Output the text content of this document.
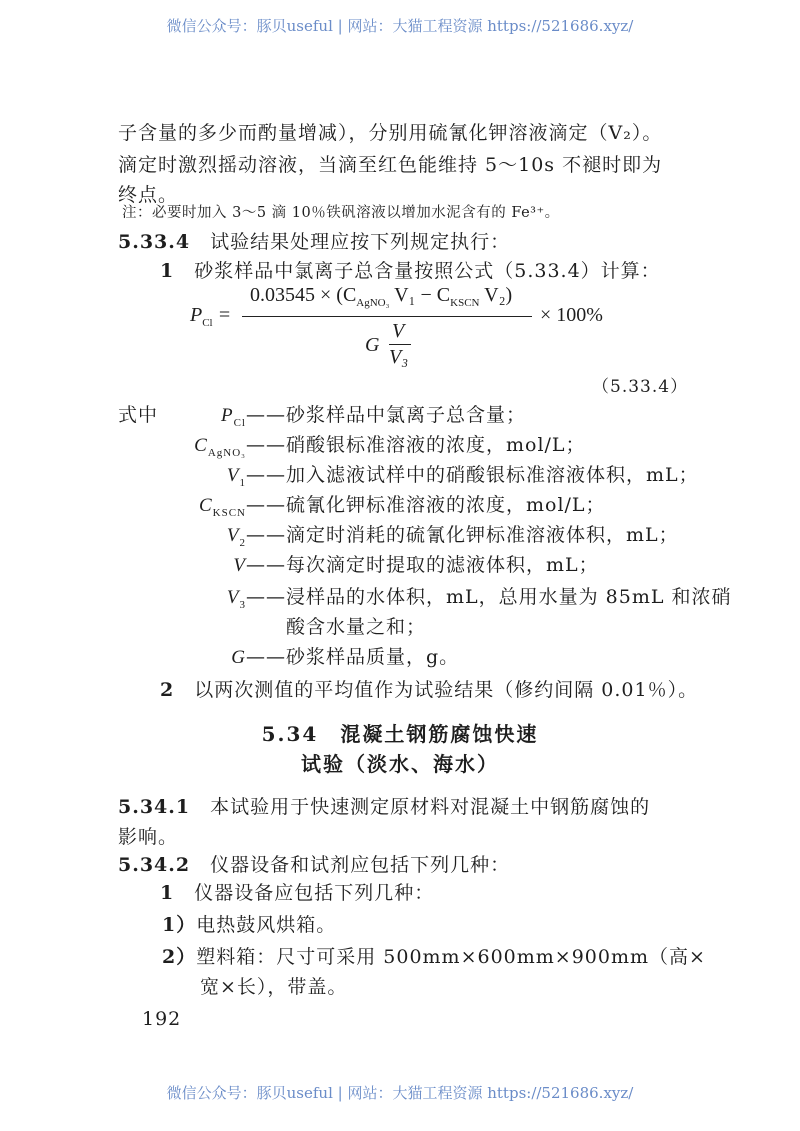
微信公众号：豚贝useful | 网站：大猫工程资源 https://521686.xyz/
子含量的多少而酌量增减），分别用硫氰化钾溶液滴定（V₂）。
滴定时激烈摇动溶液，当滴至红色能维持 5～10s 不褪时即为
终点。
注：必要时加入 3～5 滴 10％铁矾溶液以增加水泥含有的 Fe³⁺。
5.33.4　 试验结果处理应按下列规定执行：
1　 砂浆样品中氯离子总含量按照公式（5.33.4）计算：
$P_{Cl}$ =
$0.03545 \times (C_{AgNO_3}$ $V_1 - C_{KSCN}$ V₂)
× 100%
G
V
V₃
（5.33.4）
式中	$P_{Cl}——$砂浆样品中氯离子总含量；
$C_{AgNO_3}——$硝酸银标准溶液的浓度，mol/L；
$V_1——$加入滤液试样中的硝酸银标准溶液体积，mL；
$C_{KSCN}——$硫氰化钾标准溶液的浓度，mol/L；
$V_2——$滴定时消耗的硫氰化钾标准溶液体积，mL；
V——每次滴定时提取的滤液体积，mL；
$V_3——$浸样品的水体积，mL，总用水量为 85mL 和浓硝
酸含水量之和；
G——砂浆样品质量，g。
2　 以两次测值的平均值作为试验结果（修约间隔 0.01％）。
5.34　混凝土钢筋腐蚀快速
试验（淡水、海水）
5.34.1　 本试验用于快速测定原材料对混凝土中钢筋腐蚀的
影响。
5.34.2　 仪器设备和试剂应包括下列几种：
1　 仪器设备应包括下列几种：
1）电热鼓风烘箱。
2）塑料箱：尺寸可采用 500mm×600mm×900mm（高×
宽×长），带盖。
192
微信公众号：豚贝useful | 网站：大猫工程资源 https://521686.xyz/
